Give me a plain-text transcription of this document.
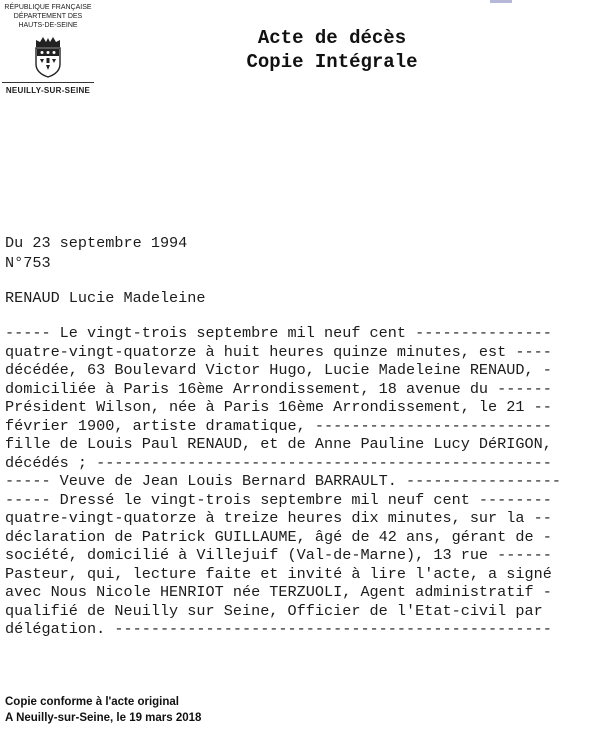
RÉPUBLIQUE FRANÇAISE
DÉPARTEMENT DES HAUTS-DE-SEINE
NEUILLY-SUR-SEINE
Acte de décès
Copie Intégrale
Du 23 septembre 1994
N°753
RENAUD Lucie Madeleine
----- Le vingt-trois septembre mil neuf cent ---------------
quatre-vingt-quatorze à huit heures quinze minutes, est ----
décédée, 63 Boulevard Victor Hugo, Lucie Madeleine RENAUD, -
domiciliée à Paris 16ème Arrondissement, 18 avenue du ------
Président Wilson, née à Paris 16ème Arrondissement, le 21 --
février 1900, artiste dramatique, --------------------------
fille de Louis Paul RENAUD, et de Anne Pauline Lucy DéRIGON,
décédés ; --------------------------------------------------
----- Veuve de Jean Louis Bernard BARRAULT. -----------------
----- Dressé le vingt-trois septembre mil neuf cent --------
quatre-vingt-quatorze à treize heures dix minutes, sur la --
déclaration de Patrick GUILLAUME, âgé de 42 ans, gérant de -
société, domicilié à Villejuif (Val-de-Marne), 13 rue ------
Pasteur, qui, lecture faite et invité à lire l'acte, a signé
avec Nous Nicole HENRIOT née TERZUOLI, Agent administratif -
qualifié de Neuilly sur Seine, Officier de l'Etat-civil par
délégation. ------------------------------------------------
Copie conforme à l'acte original
A Neuilly-sur-Seine, le 19 mars 2018
